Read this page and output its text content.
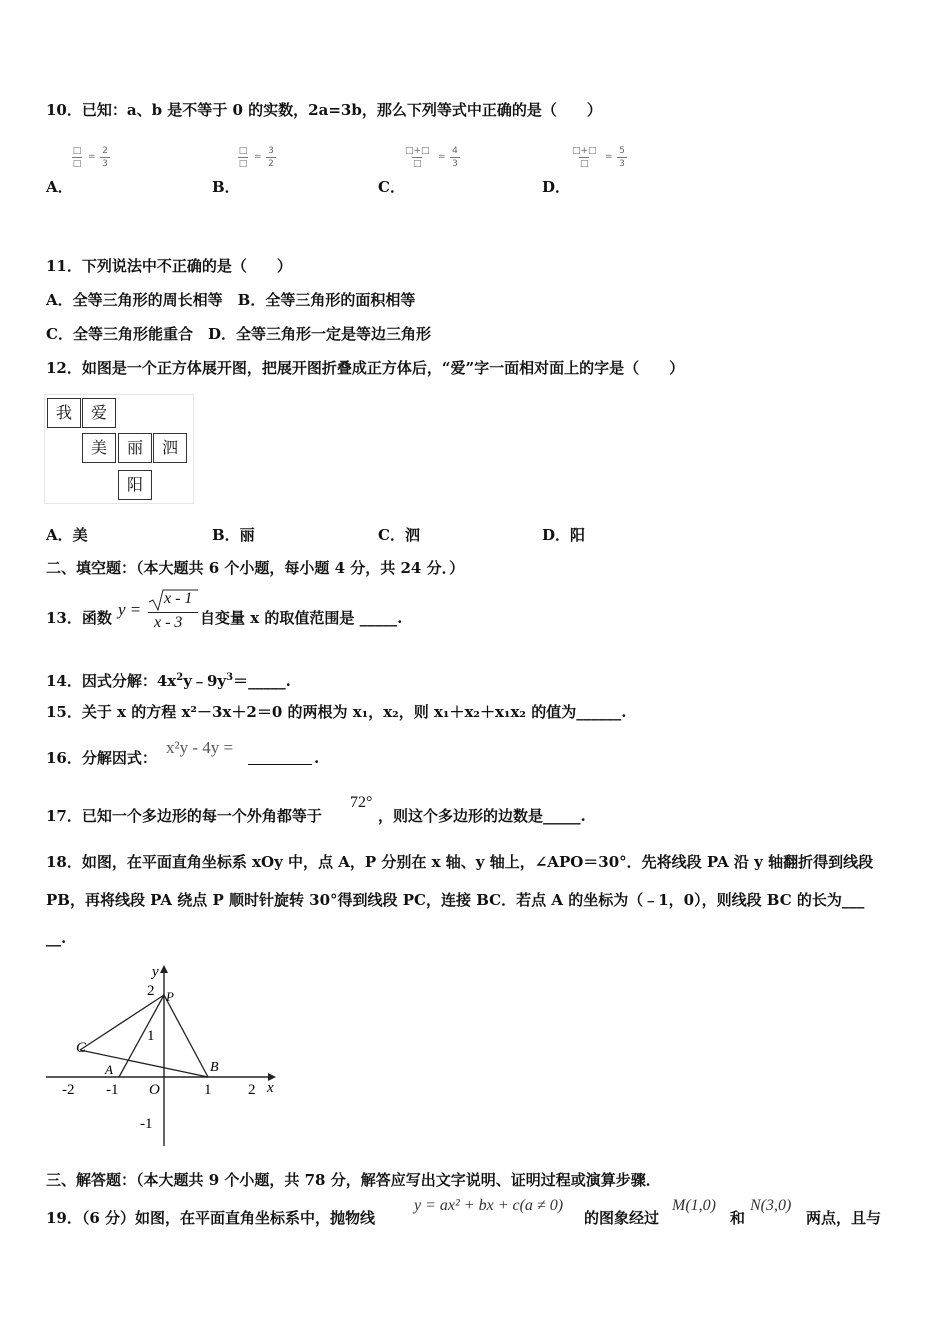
10．已知：a、b 是不等于 0 的实数，2a=3b，那么下列等式中正确的是（　　）
□
□
= $\frac{2}{3}$
A．
□
□
= $\frac{3}{2}$
B．
□+□
□
= $\frac{4}{3}$
C．
□+□
□
= $\frac{5}{3}$
D．
11．下列说法中不正确的是（　　）
A．全等三角形的周长相等　B．全等三角形的面积相等
C．全等三角形能重合　D．全等三角形一定是等边三角形
12．如图是一个正方体展开图，把展开图折叠成正方体后，“爱”字一面相对面上的字是（　　）
我	爱
美	丽	泗
阳
A．美	B．丽	C．泗	D．阳
二、填空题：（本大题共 6 个小题，每小题 4 分，共 24 分．）
13．函数 y =
x - 1
x - 3 自变量 x 的取值范围是 _____.
14．因式分解：$4x^2y﹣9y^3=\_\_\_\_\_$.
15．关于 x 的方程 x²－3x＋2＝0 的两根为 x₁，x₂，则 x₁＋x₂＋x₁x₂ 的值为______.
16．分解因式：
x²y - 4y =
.
17．已知一个多边形的每一个外角都等于
72°
，则这个多边形的边数是_____.
18．如图，在平面直角坐标系 xOy 中，点 A，P 分别在 x 轴、y 轴上，∠APO＝30°．先将线段 PA 沿 y 轴翻折得到线段
PB，再将线段 PA 绕点 P 顺时针旋转 30°得到线段 PC，连接 BC．若点 A 的坐标为（﹣1，0），则线段 BC 的长为___
__.
-2 -1	1 2
2
1
-1
O	x
y
P
C
A	B
三、解答题：（本大题共 9 个小题，共 78 分，解答应写出文字说明、证明过程或演算步骤．
19．（6 分）如图，在平面直角坐标系中，抛物线
y = ax² + bx + c(a ≠ 0)
的图象经过
M(1,0)
和
N(3,0)
两点，且与
